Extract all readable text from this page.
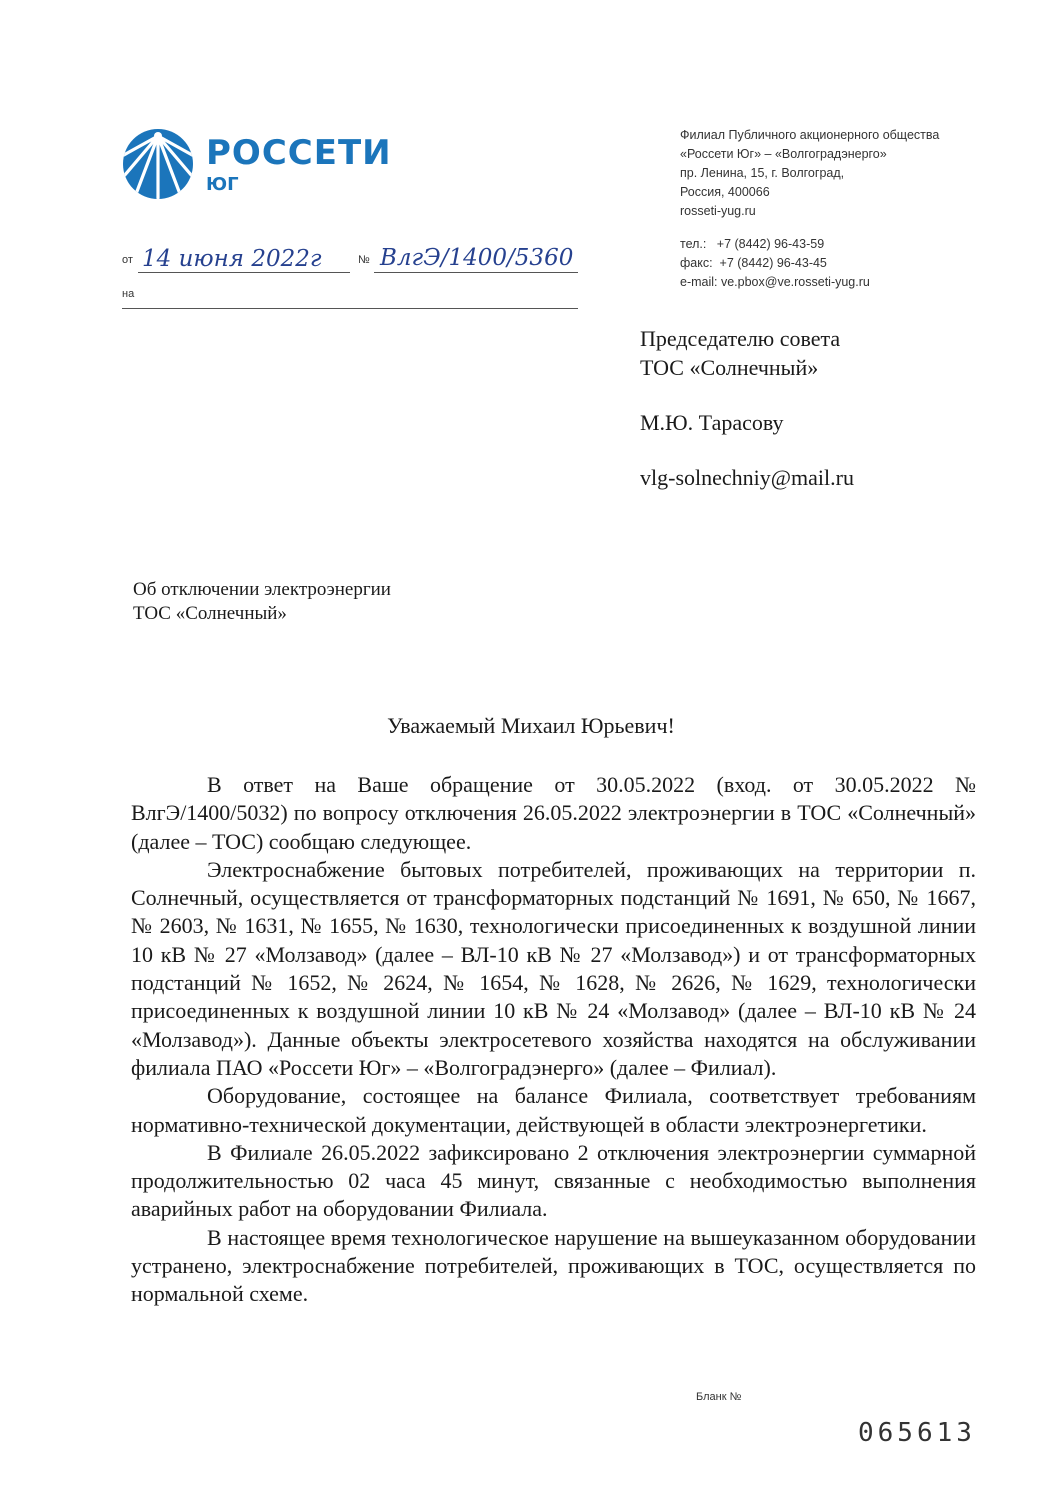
РОССЕТИ
ЮГ
Филиал Публичного акционерного общества
«Россети Юг» – «Волгоградэнерго»
пр. Ленина, 15, г. Волгоград,
Россия, 400066
rosseti-yug.ru
тел.:   +7 (8442) 96-43-59
факс:  +7 (8442) 96-43-45
e-mail: ve.pbox@ve.rosseti-yug.ru
от 14 июня 2022г	№ ВлгЭ/1400/5360
на
Председателю совета
ТОС «Солнечный»
М.Ю. Тарасову
vlg-solnechniy@mail.ru
Об отключении электроэнергии
ТОС «Солнечный»
Уважаемый Михаил Юрьевич!

В ответ на Ваше обращение от 30.05.2022 (вход. от 30.05.2022 № ВлгЭ/1400/5032) по вопросу отключения 26.05.2022 электроэнергии в ТОС «Солнечный» (далее – ТОС) сообщаю следующее.

Электроснабжение бытовых потребителей, проживающих на территории п. Солнечный, осуществляется от трансформаторных подстанций № 1691, № 650, № 1667, № 2603, № 1631, № 1655, № 1630, технологически присоединенных к воздушной линии 10 кВ № 27 «Молзавод» (далее – ВЛ-10 кВ № 27 «Молзавод») и от трансформаторных подстанций № 1652, № 2624, № 1654, № 1628, № 2626, № 1629, технологически присоединенных к воздушной линии 10 кВ № 24 «Молзавод» (далее – ВЛ-10 кВ № 24 «Молзавод»). Данные объекты электросетевого хозяйства находятся на обслуживании филиала ПАО «Россети Юг» – «Волгоградэнерго» (далее – Филиал).

Оборудование, состоящее на балансе Филиала, соответствует требованиям нормативно-технической документации, действующей в области электроэнергетики.

В Филиале 26.05.2022 зафиксировано 2 отключения электроэнергии суммарной продолжительностью 02 часа 45 минут, связанные с необходимостью выполнения аварийных работ на оборудовании Филиала.

В настоящее время технологическое нарушение на вышеуказанном оборудовании устранено, электроснабжение потребителей, проживающих в ТОС, осуществляется по нормальной схеме.

Бланк №
065613
